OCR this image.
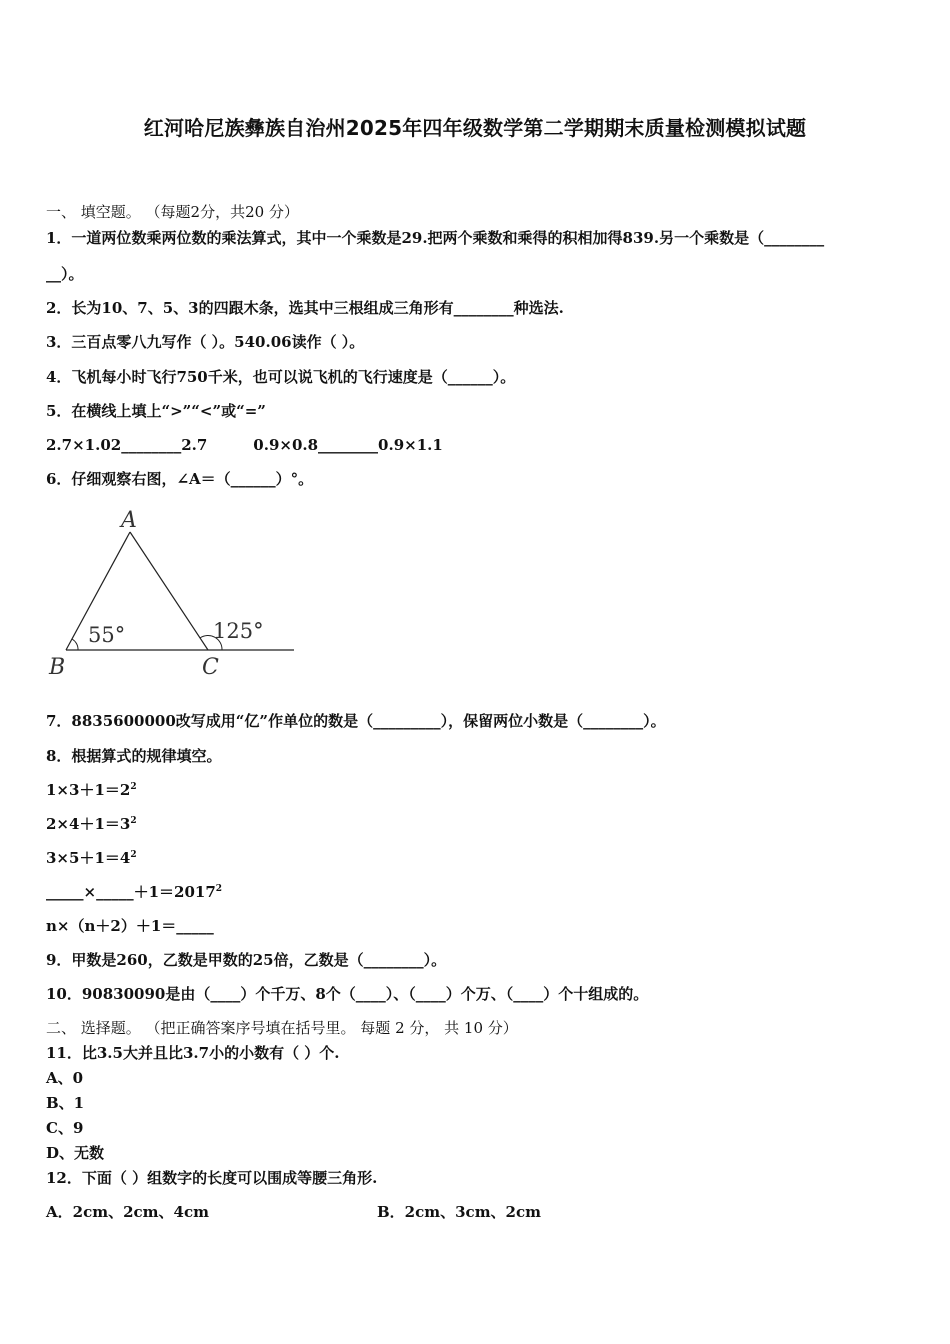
红河哈尼族彝族自治州2025年四年级数学第二学期期末质量检测模拟试题
一、 填空题。 （每题2分，共20 分）
1．一道两位数乘两位数的乘法算式，其中一个乘数是29.把两个乘数和乘得的积相加得839.另一个乘数是（________
__）。
2．长为10、7、5、3的四跟木条，选其中三根组成三角形有________种选法.
3．三百点零八九写作（ ）。540.06读作（ ）。
4．飞机每小时飞行750千米，也可以说飞机的飞行速度是（______）。
5．在横线上填上“>”“<”或“=”
2.7×1.02________2.7	0.9×0.8________0.9×1.1
6．仔细观察右图，∠A＝（______）°。
A
B	C
55°	125°
7．8835600000改写成用“亿”作单位的数是（_________），保留两位小数是（________）。
8．根据算式的规律填空。
$1\times 3+1=2^2$
$2\times 4+1=3^2$
$3\times 5+1=4^2$
$\_\_\_\_\_\times\_\_\_\_\_+1=2017^2$
n×（n＋2）＋1＝_____
9．甲数是260，乙数是甲数的25倍，乙数是（________）。
10．90830090是由（____）个千万、8个（____）、（____）个万、（____）个十组成的。
二、 选择题。 （把正确答案序号填在括号里。 每题 2 分， 共 10 分）
11．比3.5大并且比3.7小的小数有（ ）个.
A、0
B、1
C、9
D、无数
12．下面（ ）组数字的长度可以围成等腰三角形.
A．2cm、2cm、4cm	B．2cm、3cm、2cm
